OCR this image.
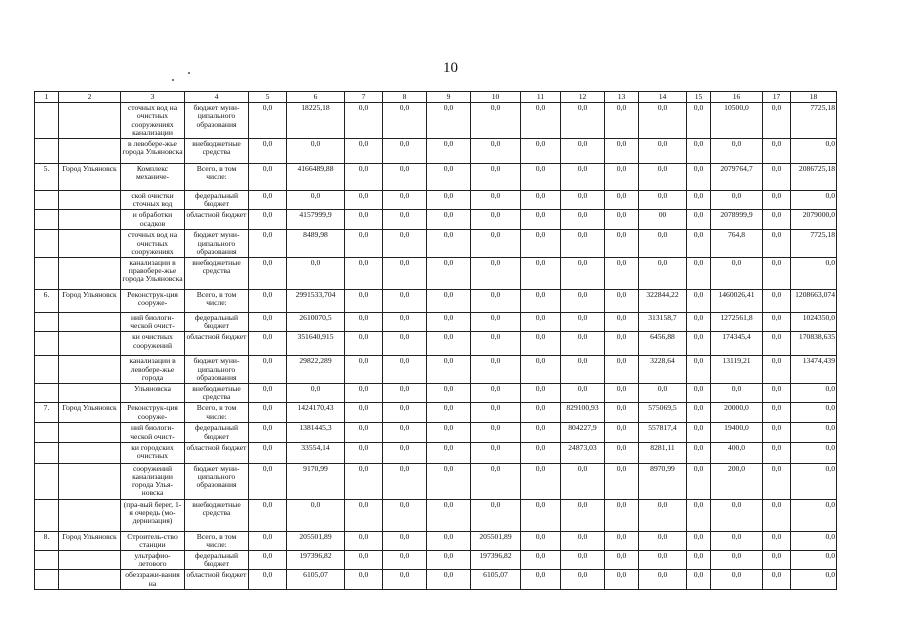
10
1	2	3	4	5	6	7	8	9	10	11	12	13	14	15	16	17	18
		сточных вод на очистных сооружениях канализации	бюджет муни-ципального образования	0,0	18225,18	0,0	0,0	0,0	0,0	0,0	0,0	0,0	0,0	0,0	10500,0	0,0	7725,18
		в левобере-жье города Ульяновска	внебюджетные средства	0,0	0,0	0,0	0,0	0,0	0,0	0,0	0,0	0,0	0,0	0,0	0,0	0,0	0,0
5.	Город Ульяновск	Комплекс механиче-	Всего, в том числе:	0,0	4166489,88	0,0	0,0	0,0	0,0	0,0	0,0	0,0	0,0	0,0	2079764,7	0,0	2086725,18
		ской очистки сточных вод	федеральный бюджет	0,0	0,0	0,0	0,0	0,0	0,0	0,0	0,0	0,0	0,0	0,0	0,0	0,0	0,0
		и обработки осадков	областной бюджет	0,0	4157999,9	0,0	0,0	0,0	0,0	0,0	0,0	0,0	00	0,0	2078999,9	0,0	2079000,0
		сточных вод на очистных сооружениях	бюджет муни-ципального образования	0,0	8489,98	0,0	0,0	0,0	0,0	0,0	0,0	0,0	0,0	0,0	764,8	0,0	7725,18
		канализации в правобере-жье города Ульяновска	внебюджетные средства	0,0	0,0	0,0	0,0	0,0	0,0	0,0	0,0	0,0	0,0	0,0	0,0	0,0	0,0
6.	Город Ульяновск	Реконструк-ция сооруже-	Всего, в том числе:	0,0	2991533,704	0,0	0,0	0,0	0,0	0,0	0,0	0,0	322844,22	0,0	1460026,41	0,0	1208663,074
		ний биологи-ческой очист-	федеральный бюджет	0,0	2610070,5	0,0	0,0	0,0	0,0	0,0	0,0	0,0	313158,7	0,0	1272561,8	0,0	1024350,0
		ки очистных сооружений	областной бюджет	0,0	351640,915	0,0	0,0	0,0	0,0	0,0	0,0	0,0	6456,88	0,0	174345,4	0,0	170838,635
		канализации в левобере-жье города	бюджет муни-ципального образования	0,0	29822,289	0,0	0,0	0,0	0,0	0,0	0,0	0,0	3228,64	0,0	13119,21	0,0	13474,439
		Ульяновска	внебюджетные средства	0,0	0,0	0,0	0,0	0,0	0,0	0,0	0,0	0,0	0,0	0,0	0,0	0,0	0,0
7.	Город Ульяновск	Реконструк-ция сооруже-	Всего, в том числе:	0,0	1424170,43	0,0	0,0	0,0	0,0	0,0	829100,93	0,0	575069,5	0,0	20000,0	0,0	0,0
		ний биологи-ческой очист-	федеральный бюджет	0,0	1381445,3	0,0	0,0	0,0	0,0	0,0	804227,9	0,0	557817,4	0,0	19400,0	0,0	0,0
		ки городских очистных	областной бюджет	0,0	33554,14	0,0	0,0	0,0	0,0	0,0	24873,03	0,0	8281,11	0,0	400,0	0,0	0,0
		сооружений канализации города Улья-новска	бюджет муни-ципального образования	0,0	9170,99	0,0	0,0	0,0	0,0	0,0	0,0	0,0	8970,99	0,0	200,0	0,0	0,0
		(пра-вый берег, 1-я очередь (мо-дернизация)	внебюджетные средства	0,0	0,0	0,0	0,0	0,0	0,0	0,0	0,0	0,0	0,0	0,0	0,0	0,0	0,0
8.	Город Ульяновск	Строитель-ство станции	Всего, в том числе:	0,0	205501,89	0,0	0,0	0,0	205501,89	0,0	0,0	0,0	0,0	0,0	0,0	0,0	0,0
		ультрафио-летового	федеральный бюджет	0,0	197396,82	0,0	0,0	0,0	197396,82	0,0	0,0	0,0	0,0	0,0	0,0	0,0	0,0
		обеззражи-вания на	областной бюджет	0,0	6105,07	0,0	0,0	0,0	6105,07	0,0	0,0	0,0	0,0	0,0	0,0	0,0	0,0
